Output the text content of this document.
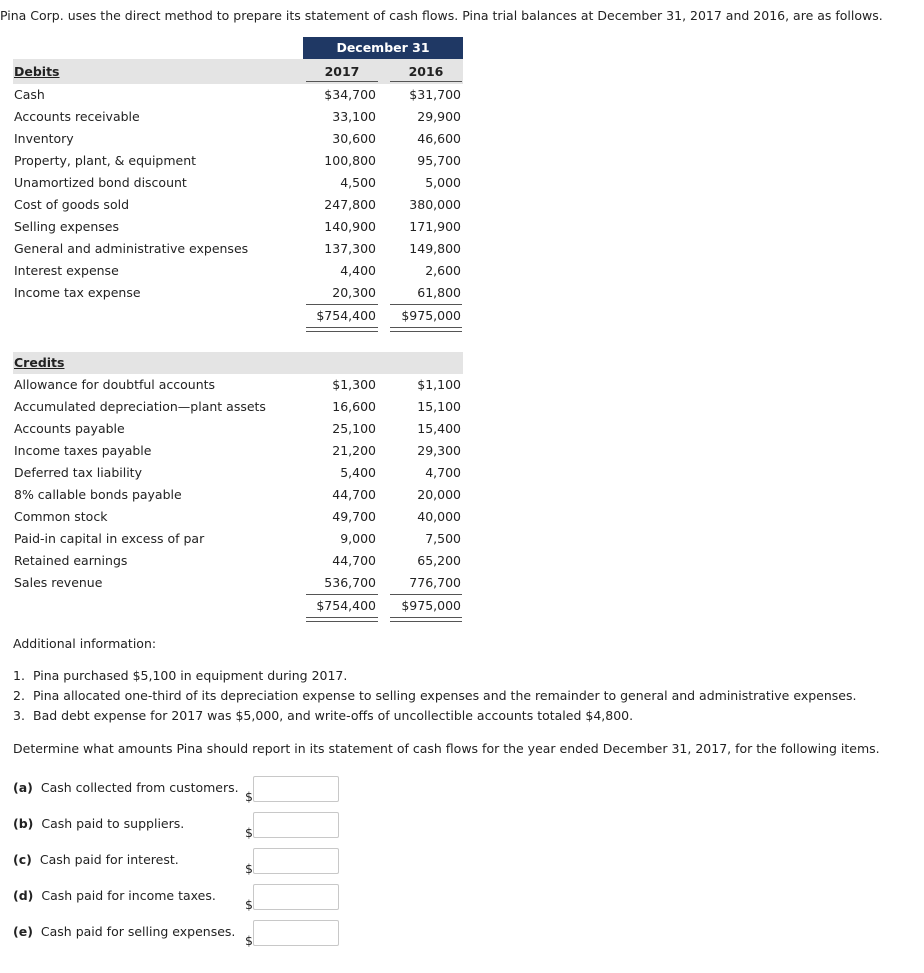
Pina Corp. uses the direct method to prepare its statement of cash flows. Pina trial balances at December 31, 2017 and 2016, are as follows.
December 31
Debits	2017	2016
Cash	$34,700	$31,700
Accounts receivable	33,100	29,900
Inventory	30,600	46,600
Property, plant, & equipment	100,800	95,700
Unamortized bond discount	4,500	5,000
Cost of goods sold	247,800	380,000
Selling expenses	140,900	171,900
General and administrative expenses	137,300	149,800
Interest expense	4,400	2,600
Income tax expense	20,300	61,800
$754,400	$975,000
Credits
Allowance for doubtful accounts	$1,300	$1,100
Accumulated depreciation—plant assets	16,600	15,100
Accounts payable	25,100	15,400
Income taxes payable	21,200	29,300
Deferred tax liability	5,400	4,700
8% callable bonds payable	44,700	20,000
Common stock	49,700	40,000
Paid-in capital in excess of par	9,000	7,500
Retained earnings	44,700	65,200
Sales revenue	536,700	776,700
$754,400	$975,000
Additional information:
1. Pina purchased $5,100 in equipment during 2017.
2. Pina allocated one-third of its depreciation expense to selling expenses and the remainder to general and administrative expenses.
3. Bad debt expense for 2017 was $5,000, and write-offs of uncollectible accounts totaled $4,800.
Determine what amounts Pina should report in its statement of cash flows for the year ended December 31, 2017, for the following items.
(a) Cash collected from customers.
$
(b) Cash paid to suppliers.
$
(c) Cash paid for interest.
$
(d) Cash paid for income taxes.
$
(e) Cash paid for selling expenses.
$
